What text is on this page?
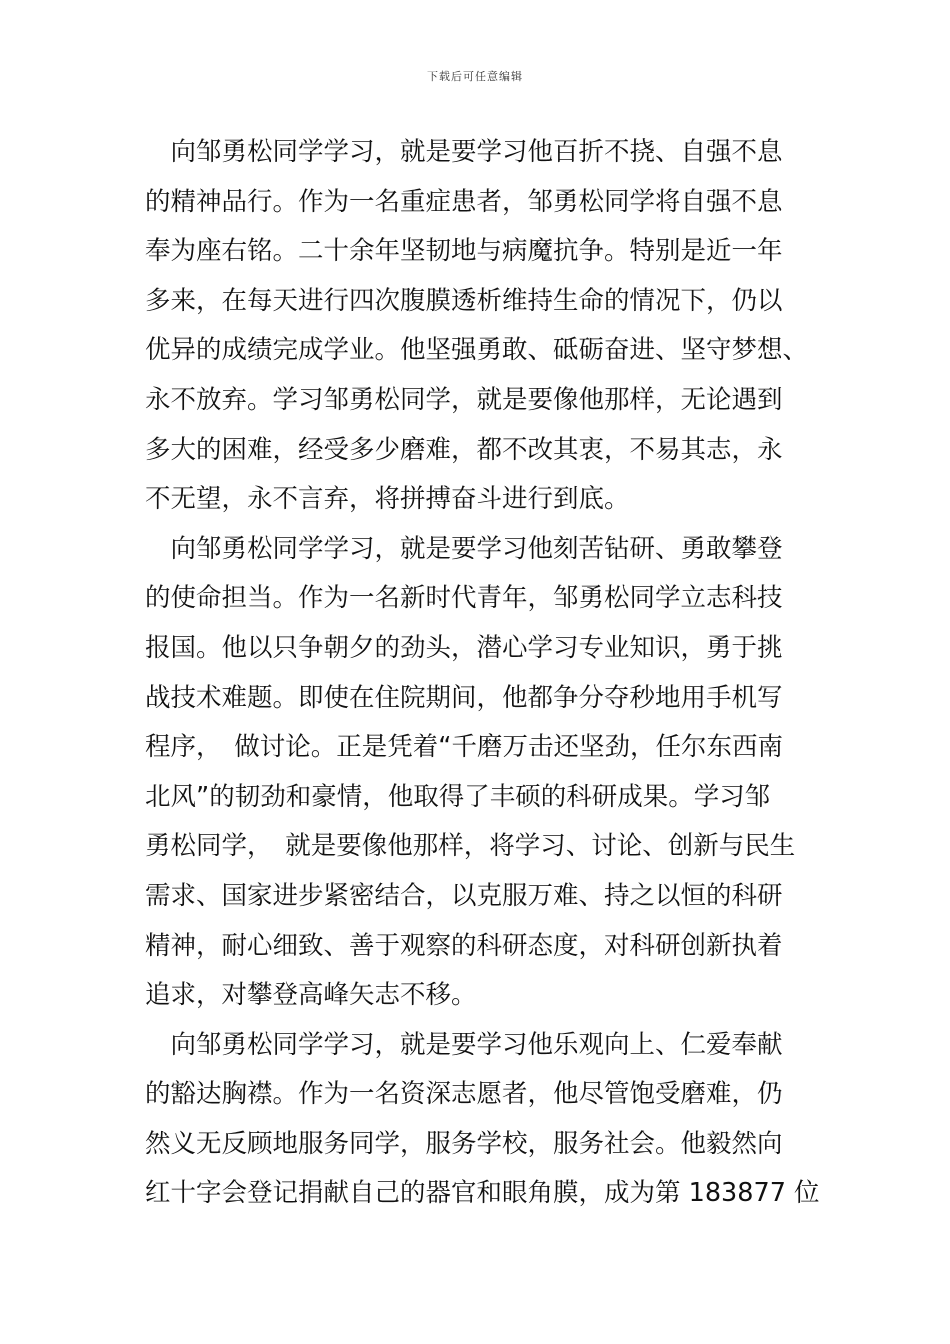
下载后可任意编辑
　向邹勇松同学学习，就是要学习他百折不挠、自强不息
的精神品行。作为一名重症患者，邹勇松同学将自强不息
奉为座右铭。二十余年坚韧地与病魔抗争。特别是近一年
多来，在每天进行四次腹膜透析维持生命的情况下，仍以
优异的成绩完成学业。他坚强勇敢、砥砺奋进、坚守梦想、
永不放弃。学习邹勇松同学，就是要像他那样，无论遇到
多大的困难，经受多少磨难，都不改其衷，不易其志，永
不无望，永不言弃，将拼搏奋斗进行到底。
　向邹勇松同学学习，就是要学习他刻苦钻研、勇敢攀登
的使命担当。作为一名新时代青年，邹勇松同学立志科技
报国。他以只争朝夕的劲头，潜心学习专业知识，勇于挑
战技术难题。即使在住院期间，他都争分夺秒地用手机写
程序，　做讨论。正是凭着“千磨万击还坚劲，任尔东西南
北风”的韧劲和豪情，他取得了丰硕的科研成果。学习邹
勇松同学，　就是要像他那样，将学习、讨论、创新与民生
需求、国家进步紧密结合，以克服万难、持之以恒的科研
精神，耐心细致、善于观察的科研态度，对科研创新执着
追求，对攀登高峰矢志不移。
　向邹勇松同学学习，就是要学习他乐观向上、仁爱奉献
的豁达胸襟。作为一名资深志愿者，他尽管饱受磨难，仍
然义无反顾地服务同学，服务学校，服务社会。他毅然向
红十字会登记捐献自己的器官和眼角膜，成为第 183877 位
